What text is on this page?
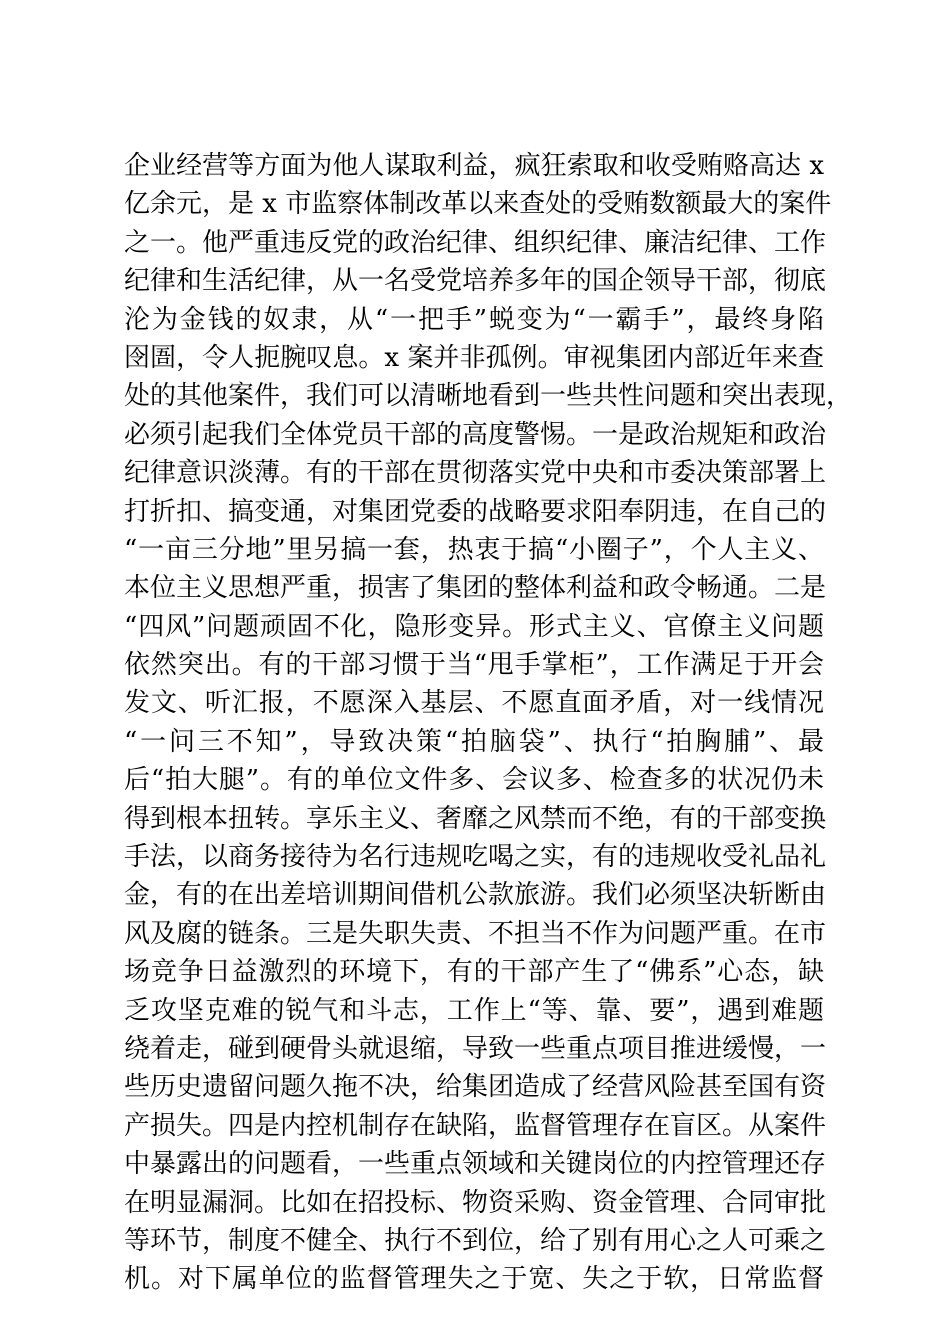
企业经营等方面为他人谋取利益，疯狂索取和收受贿赂高达 x
亿余元，是 x 市监察体制改革以来查处的受贿数额最大的案件
之一。他严重违反党的政治纪律、组织纪律、廉洁纪律、工作
纪律和生活纪律，从一名受党培养多年的国企领导干部，彻底
沦为金钱的奴隶，从“一把手”蜕变为“一霸手”，最终身陷
囹圄，令人扼腕叹息。x 案并非孤例。审视集团内部近年来查
处的其他案件，我们可以清晰地看到一些共性问题和突出表现，
必须引起我们全体党员干部的高度警惕。一是政治规矩和政治
纪律意识淡薄。有的干部在贯彻落实党中央和市委决策部署上
打折扣、搞变通，对集团党委的战略要求阳奉阴违，在自己的
“一亩三分地”里另搞一套，热衷于搞“小圈子”，个人主义、
本位主义思想严重，损害了集团的整体利益和政令畅通。二是
“四风”问题顽固不化，隐形变异。形式主义、官僚主义问题
依然突出。有的干部习惯于当“甩手掌柜”，工作满足于开会
发文、听汇报，不愿深入基层、不愿直面矛盾，对一线情况
“一问三不知”，导致决策“拍脑袋”、执行“拍胸脯”、最
后“拍大腿”。有的单位文件多、会议多、检查多的状况仍未
得到根本扭转。享乐主义、奢靡之风禁而不绝，有的干部变换
手法，以商务接待为名行违规吃喝之实，有的违规收受礼品礼
金，有的在出差培训期间借机公款旅游。我们必须坚决斩断由
风及腐的链条。三是失职失责、不担当不作为问题严重。在市
场竞争日益激烈的环境下，有的干部产生了“佛系”心态，缺
乏攻坚克难的锐气和斗志，工作上“等、靠、要”，遇到难题
绕着走，碰到硬骨头就退缩，导致一些重点项目推进缓慢，一
些历史遗留问题久拖不决，给集团造成了经营风险甚至国有资
产损失。四是内控机制存在缺陷，监督管理存在盲区。从案件
中暴露出的问题看，一些重点领域和关键岗位的内控管理还存
在明显漏洞。比如在招投标、物资采购、资金管理、合同审批
等环节，制度不健全、执行不到位，给了别有用心之人可乘之
机。对下属单位的监督管理失之于宽、失之于软，日常监督
